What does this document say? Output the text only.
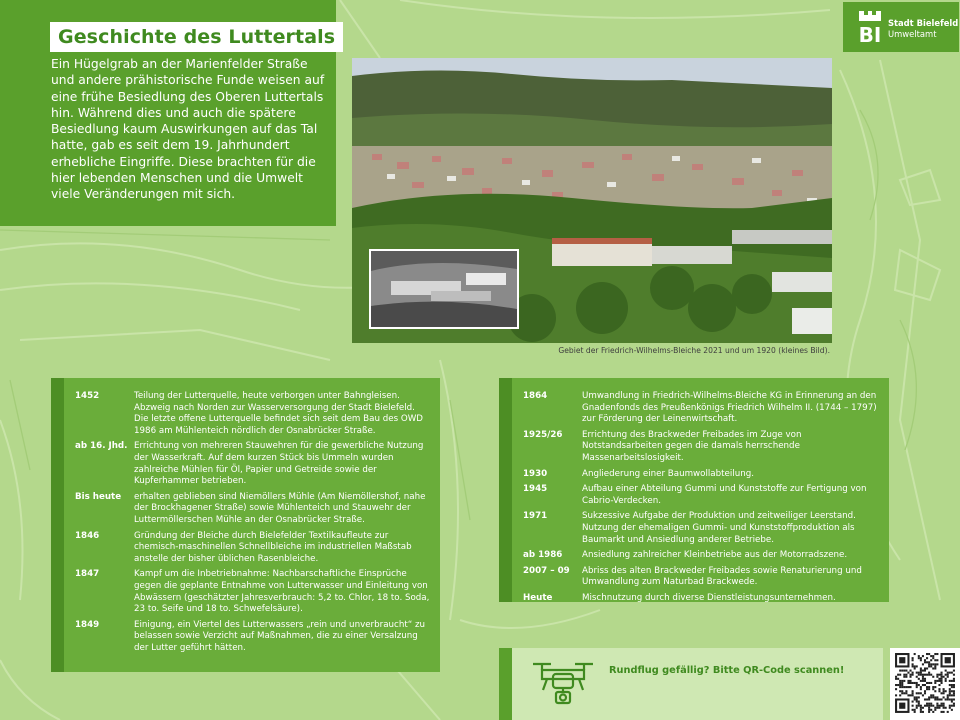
Geschichte des Luttertals

Ein Hügelgrab an der Marienfelder Straße und andere prähistorische Funde weisen auf eine frühe Besiedlung des Oberen Luttertals hin. Während dies und auch die spätere Besiedlung kaum Auswirkungen auf das Tal hatte, gab es seit dem 19. Jahrhundert erhebliche Eingriffe. Diese brachten für die hier lebenden Menschen und die Umwelt viele Veränderungen mit sich.

Gebiet der Friedrich-Wilhelms-Bleiche 2021 und um 1920 (kleines Bild).
BI Stadt Bielefeld
Umweltamt
1452	Teilung der Lutterquelle, heute verborgen unter Bahngleisen. Abzweig nach Norden zur Wasserversorgung der Stadt Bielefeld. Die letzte offene Lutterquelle befindet sich seit dem Bau des OWD 1986 am Mühlenteich nördlich der Osnabrücker Straße.
ab 16. Jhd. Errichtung von mehreren Stauwehren für die gewerbliche Nutzung der Wasserkraft. Auf dem kurzen Stück bis Ummeln wurden zahlreiche Mühlen für Öl, Papier und Getreide sowie der Kupferhammer betrieben.
Bis heute	erhalten geblieben sind Niemöllers Mühle (Am Niemöllershof, nahe der Brockhagener Straße) sowie Mühlenteich und Stauwehr der Luttermöllerschen Mühle an der Osnabrücker Straße.
1846	Gründung der Bleiche durch Bielefelder Textilkaufleute zur chemisch-maschinellen Schnellbleiche im industriellen Maßstab anstelle der bisher üblichen Rasenbleiche.
1847	Kampf um die Inbetriebnahme: Nachbarschaftliche Einsprüche gegen die geplante Entnahme von Lutterwasser und Einleitung von Abwässern (geschätzter Jahresverbrauch: 5,2 to. Chlor, 18 to. Soda, 23 to. Seife und 18 to. Schwefelsäure).
1849	Einigung, ein Viertel des Lutterwassers „rein und unverbraucht“ zu belassen sowie Verzicht auf Maßnahmen, die zu einer Versalzung der Lutter geführt hätten.
1864	Umwandlung in Friedrich-Wilhelms-Bleiche KG in Erinnerung an den Gnadenfonds des Preußenkönigs Friedrich Wilhelm II. (1744 – 1797) zur Förderung der Leinenwirtschaft.
1925/26	Errichtung des Brackweder Freibades im Zuge von Notstandsarbeiten gegen die damals herrschende Massenarbeitslosigkeit.
1930	Angliederung einer Baumwollabteilung.
1945	Aufbau einer Abteilung Gummi und Kunststoffe zur Fertigung von Cabrio-Verdecken.
1971	Sukzessive Aufgabe der Produktion und zeitweiliger Leerstand. Nutzung der ehemaligen Gummi- und Kunststoffproduktion als Baumarkt und Ansiedlung anderer Betriebe.
ab 1986	Ansiedlung zahlreicher Kleinbetriebe aus der Motorradszene.
2007 – 09	Abriss des alten Brackweder Freibades sowie Renaturierung und Umwandlung zum Naturbad Brackwede.
Heute	Mischnutzung durch diverse Dienstleistungsunternehmen.
Rundflug gefällig? Bitte QR-Code scannen!
